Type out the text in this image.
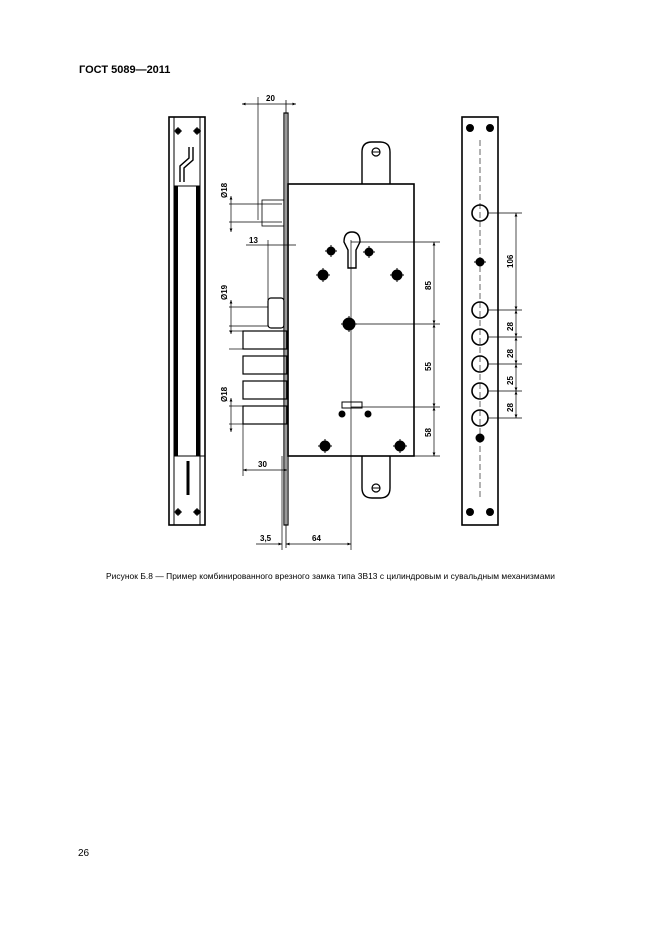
ГОСТ 5089—2011
20
13
Ø18
Ø19
Ø18
30
3,5	64
85
55
58
106
28
28
25
28
Рисунок Б.8 — Пример комбинированного врезного замка типа 3В13 с цилиндровым и сувальдным механизмами
26
